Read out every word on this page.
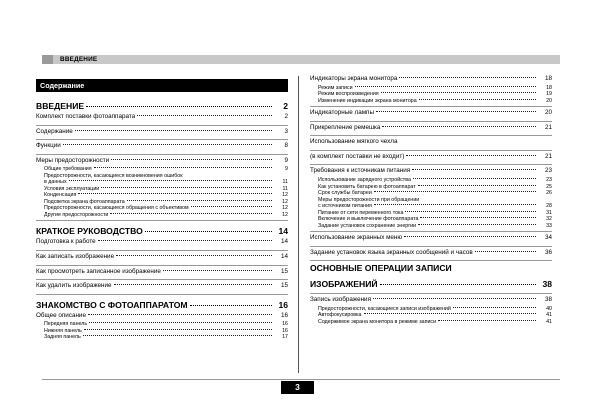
ВВЕДЕНИЕ
Содержание
ВВЕДЕНИЕ	2
Комплект поставки фотоаппарата	2
Содержание	3
Функции	8
Меры предосторожности	9
Общие требования	9
Предосторожности, касающиеся возникновения ошибок
в данных	11
Условия эксплуатации	11
Конденсация	12
Подсветка экрана фотоаппарата	12
Предосторожности, касающиеся обращения с объективом	12
Другие предосторожности	12
КРАТКОЕ РУКОВОДСТВО	14
Подготовка к работе	14
Как записать изображение	14
Как просмотреть записанное изображение	15
Как удалить изображение	15
ЗНАКОМСТВО С ФОТОАППАРАТОМ	16
Общее описание	16
Передняя панель	16
Нижняя панель	16
Задняя панель	17
Индикаторы экрана монитора	18
Режим записи	18
Режим воспроизведения	19
Изменение индикации экрана монитора	20
Индикаторные лампы	20
Прикрепление ремешка	21
Использование мягкого чехла
(в комплект поставки не входит)	21
Требования к источникам питания	23
Использование зарядного устройства	23
Как установить батарею в фотоаппарат	25
Срок службы батареи	26
Меры предосторожности при обращении
с источником питания	28
Питание от сети переменного тока	31
Включение и выключение фотоаппарата	32
Задание установок сохранение энергии	33
Использование экранных меню	34
Задание установок языка экранных сообщений и часов	36
ОСНОВНЫЕ ОПЕРАЦИИ ЗАПИСИ
ИЗОБРАЖЕНИЙ	38
Запись изображения	38
Предосторожности, касающиеся записи изображений	40
Автофокусировка	41
Содержимое экрана монитора в режиме записи	41
3
